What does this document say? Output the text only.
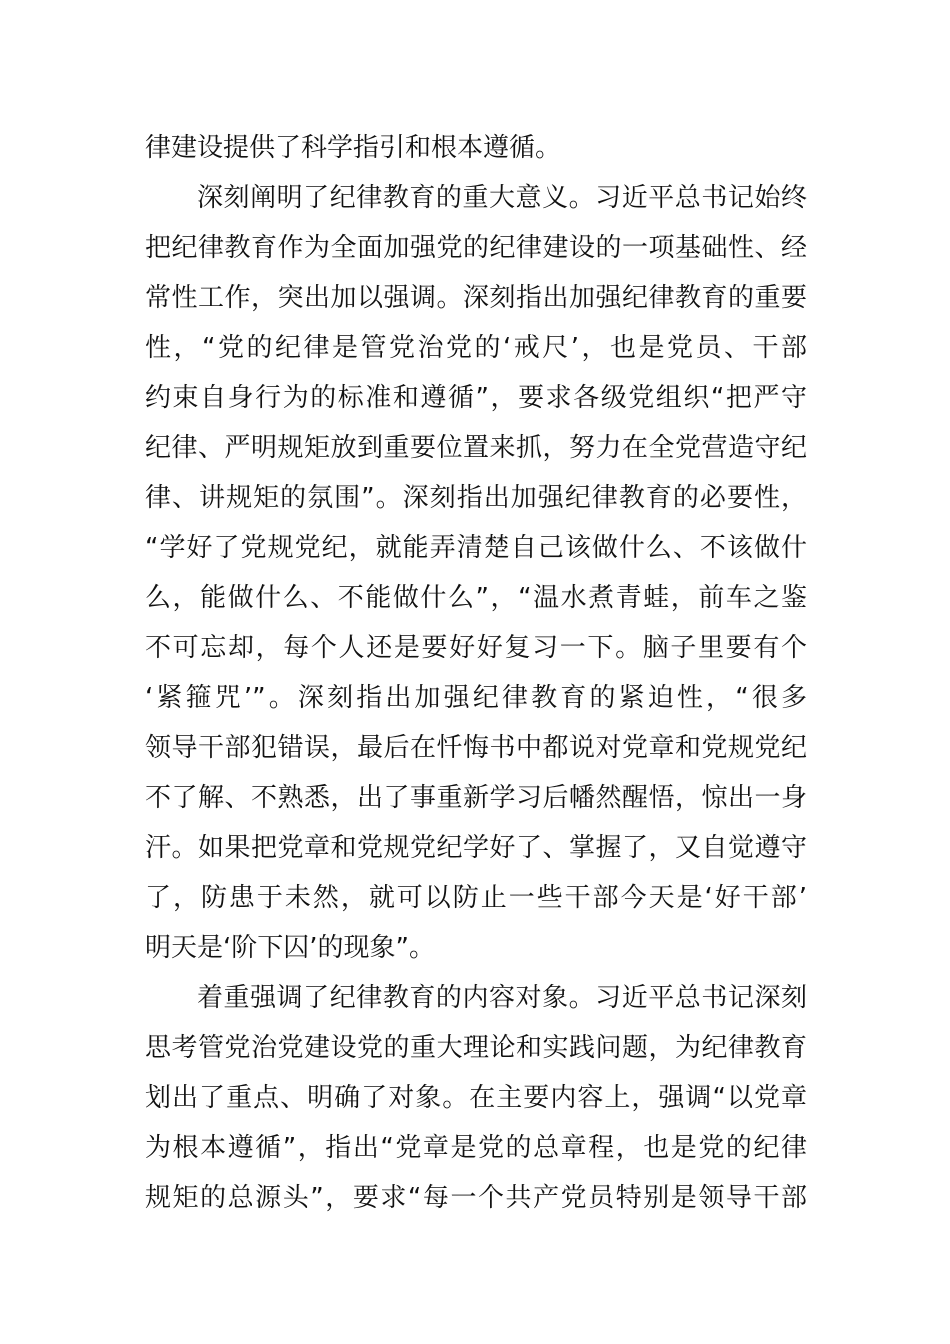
律建设提供了科学指引和根本遵循。
深刻阐明了纪律教育的重大意义。习近平总书记始终
把纪律教育作为全面加强党的纪律建设的一项基础性、经
常性工作，突出加以强调。深刻指出加强纪律教育的重要
性，“党的纪律是管党治党的‘戒尺’，也是党员、干部
约束自身行为的标准和遵循”，要求各级党组织“把严守
纪律、严明规矩放到重要位置来抓，努力在全党营造守纪
律、讲规矩的氛围”。深刻指出加强纪律教育的必要性，
“学好了党规党纪，就能弄清楚自己该做什么、不该做什
么，能做什么、不能做什么”，“温水煮青蛙，前车之鉴
不可忘却，每个人还是要好好复习一下。脑子里要有个
‘紧箍咒’”。深刻指出加强纪律教育的紧迫性，“很多
领导干部犯错误，最后在忏悔书中都说对党章和党规党纪
不了解、不熟悉，出了事重新学习后幡然醒悟，惊出一身
汗。如果把党章和党规党纪学好了、掌握了，又自觉遵守
了，防患于未然，就可以防止一些干部今天是‘好干部’
明天是‘阶下囚’的现象”。
着重强调了纪律教育的内容对象。习近平总书记深刻
思考管党治党建设党的重大理论和实践问题，为纪律教育
划出了重点、明确了对象。在主要内容上，强调“以党章
为根本遵循”，指出“党章是党的总章程，也是党的纪律
规矩的总源头”，要求“每一个共产党员特别是领导干部
